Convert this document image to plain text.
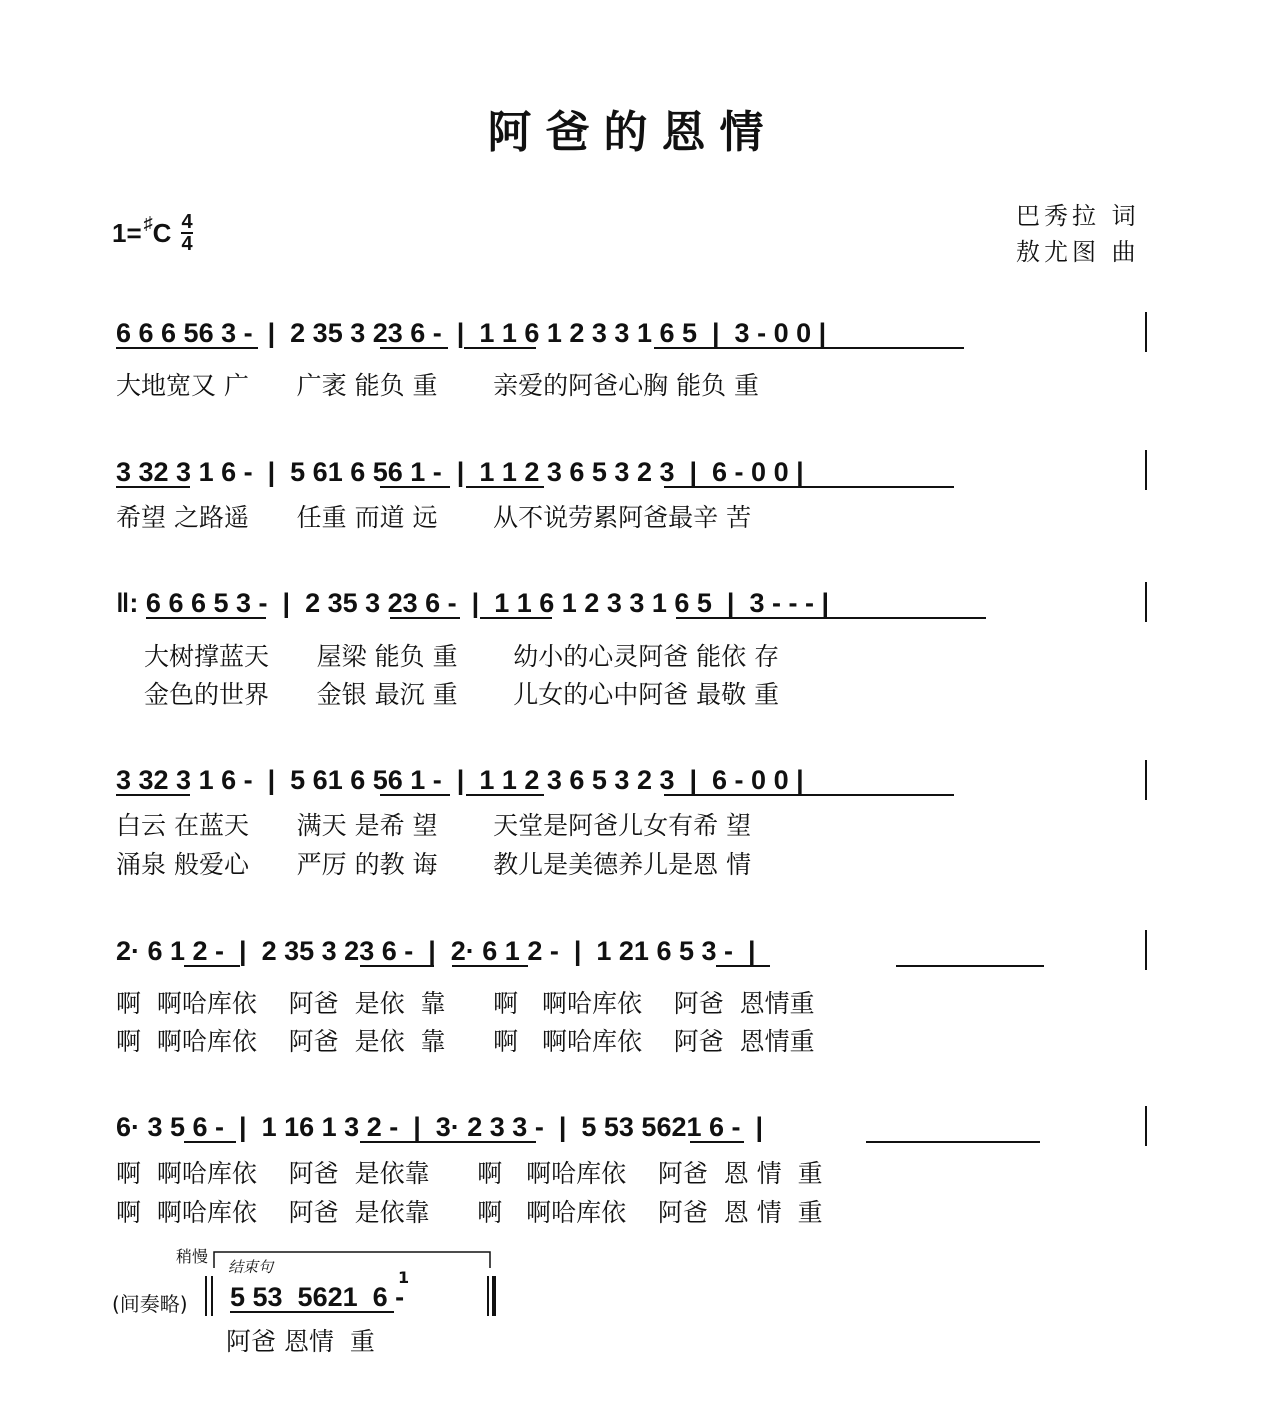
阿爸的恩情
1= ♯ C 4
4
巴秀拉 词
敖尤图 曲
6 6 6 56 3 -  |  2 35 3 23 6 -  |  1 1 6 1 2 3 3 1 6 5  |  3 - 0 0 |
大地宽又 广      广袤 能负 重       亲爱的阿爸心胸 能负 重
3 32 3 1 6 -  |  5 61 6 56 1 -  |  1 1 2 3 6 5 3 2 3  |  6 - 0 0 |
希望 之路遥      任重 而道 远       从不说劳累阿爸最辛 苦
‖: 6 6 6 5 3 -  |  2 35 3 23 6 -  |  1 1 6 1 2 3 3 1 6 5  |  3 - - - |
大树撑蓝天      屋梁 能负 重       幼小的心灵阿爸 能依 存
金色的世界      金银 最沉 重       儿女的心中阿爸 最敬 重
3 32 3 1 6 -  |  5 61 6 56 1 -  |  1 1 2 3 6 5 3 2 3  |  6 - 0 0 |
白云 在蓝天      满天 是希 望       天堂是阿爸儿女有希 望
涌泉 般爱心      严厉 的教 诲       教儿是美德养儿是恩 情
2· 6 1 2 -  |  2 35 3 23 6 -  |  2· 6 1 2 -  |  1 21 6 5 3 -  |
啊  啊哈库依    阿爸  是依  靠      啊   啊哈库依    阿爸  恩情重
啊  啊哈库依    阿爸  是依  靠      啊   啊哈库依    阿爸  恩情重
6· 3 5 6 -  |  1 16 1 3 2 -  |  3· 2 3 3 -  |  5 53 5621 6 -  |
啊  啊哈库依    阿爸  是依靠      啊   啊哈库依    阿爸  恩 情  重
啊  啊哈库依    阿爸  是依靠      啊   啊哈库依    阿爸  恩 情  重
稍慢
结束句
(间奏略) 5 53  5621  6 -
1
阿爸 恩情  重
